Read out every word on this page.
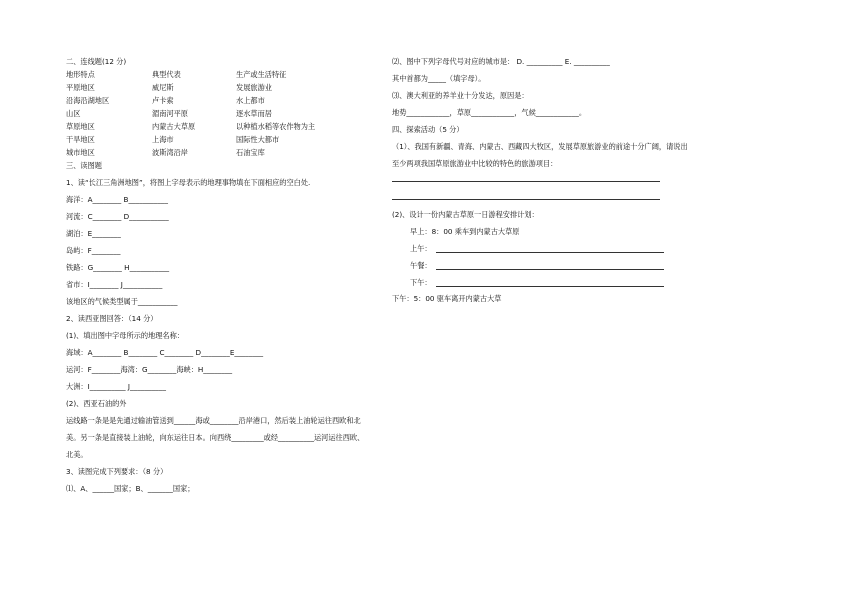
二、连线题(12 分)
地形特点	典型代表	生产或生活特征
平原地区	威尼斯	发展旅游业
沿海沿湖地区	卢卡索	水上都市
山区	湄南河平原	逐水草而居
草原地区	内蒙古大草原	以种植水稻等农作物为主
干旱地区	上海市	国际性大都市
城市地区	波斯湾沿岸	石油宝库
三、读图题
1、读“长江三角洲地图”，将图上字母表示的地理事物填在下面相应的空白处.
海洋：A________ B___________
河流：C________ D___________
湖泊：E________
岛屿：F________
铁路：G________ H___________
省市：I________ J___________
该地区的气候类型属于___________
2、读西亚图回答：（14 分）
(1)、填出图中字母所示的地理名称：
海域：A________ B________ C________ D________E________
运河：F________海湾：G________海峡：H________
大洲：I__________ J__________
(2)、西亚石油的外
运线路一条是是先通过输油管送到______海或________沿岸港口，然后装上油轮运往西欧和北
美。另一条是直接装上油轮，向东运往日本。向西绕_________或经__________运河运往西欧、
北美。
3、读图完成下列要求：（8 分）
⑴、A、______国家；B、_______国家；
⑵、图中下列字母代号对应的城市是： D. __________ E. __________
其中首都为_____（填字母）。
⑶、澳大利亚的养羊业十分发达，原因是：
地势____________，草原____________，气候____________。
四、探索活动（5 分）
（1）、我国有新疆、青海、内蒙古、西藏四大牧区，发展草原旅游业的前途十分广阔，请说出
至少两项我国草原旅游业中比较的特色的旅游项目：
(2)、设计一份内蒙古草原一日游程安排计划：
早上：8：00 乘车到内蒙古大草原
上午：
午餐：
下午：
下午：5：00 驱车离开内蒙古大草
